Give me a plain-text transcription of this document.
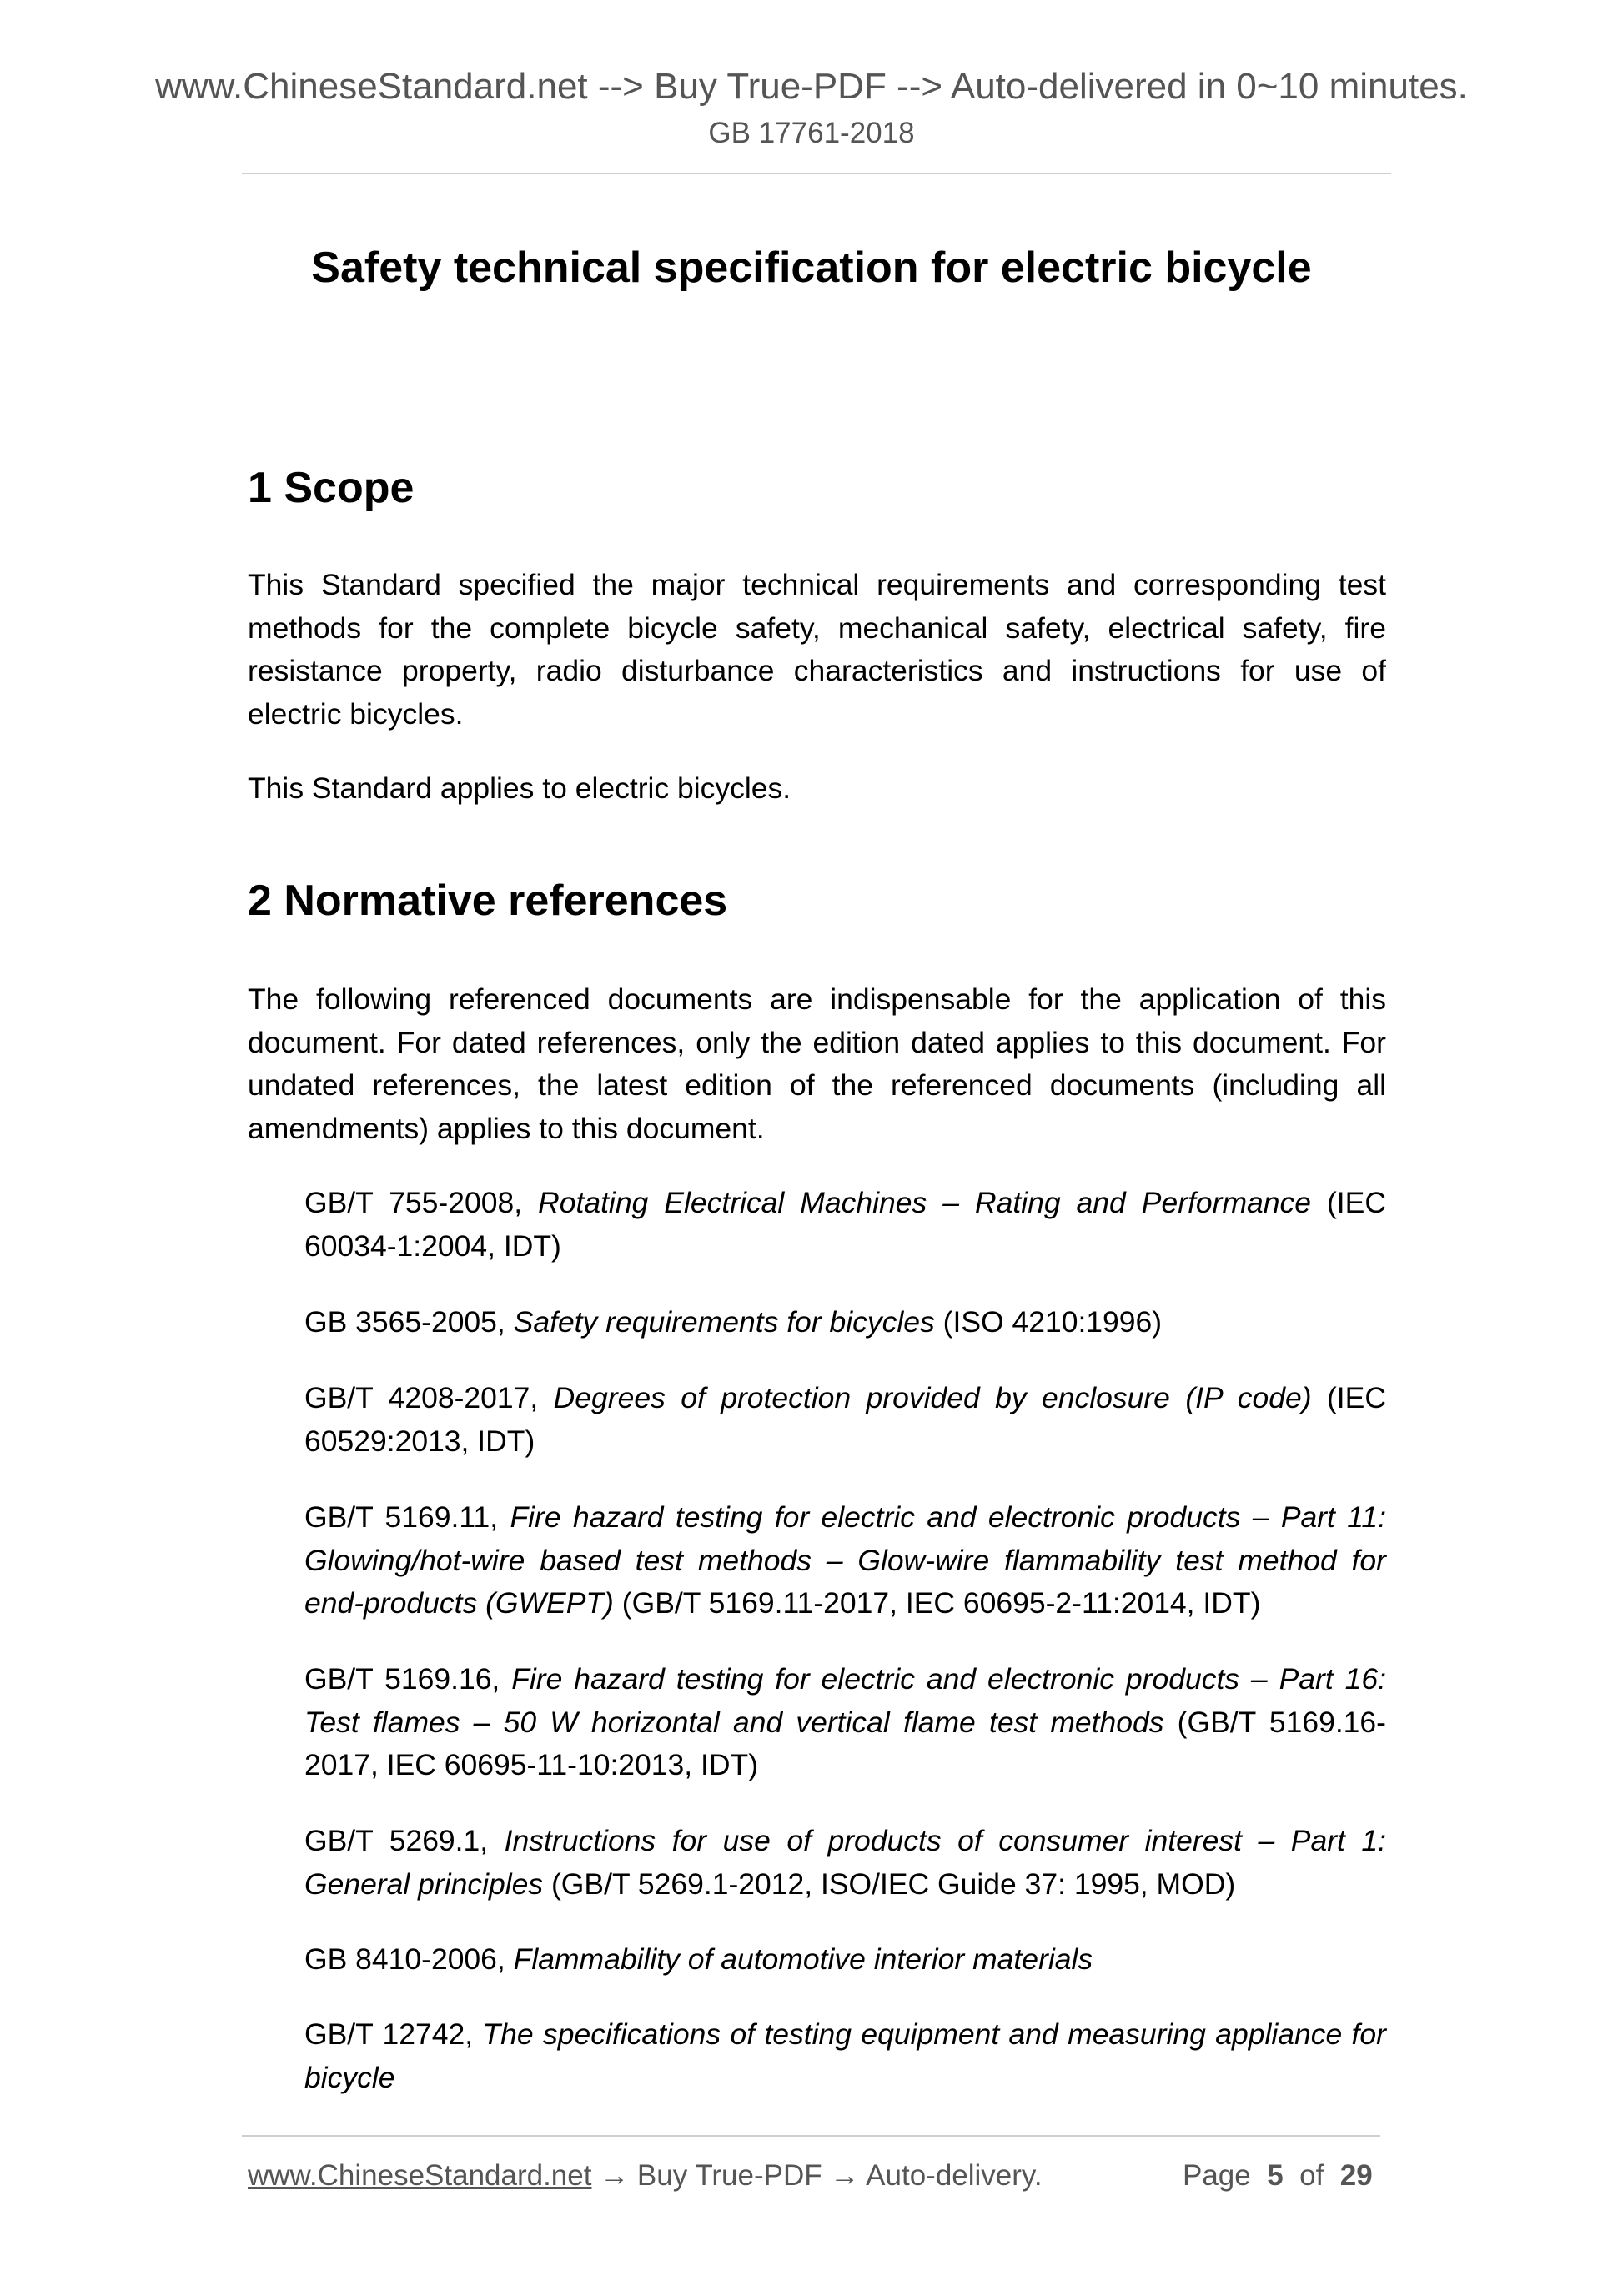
www.ChineseStandard.net --> Buy True-PDF --> Auto-delivered in 0~10 minutes.
GB 17761-2018
Safety technical specification for electric bicycle
1 Scope

This Standard specified the major technical requirements and corresponding test methods for the complete bicycle safety, mechanical safety, electrical safety, fire resistance property, radio disturbance characteristics and instructions for use of electric bicycles.

This Standard applies to electric bicycles.

2 Normative references

The following referenced documents are indispensable for the application of this document. For dated references, only the edition dated applies to this document. For undated references, the latest edition of the referenced documents (including all amendments) applies to this document.

GB/T 755-2008, Rotating Electrical Machines – Rating and Performance (IEC 60034-1:2004, IDT)

GB 3565-2005, Safety requirements for bicycles (ISO 4210:1996)

GB/T 4208-2017, Degrees of protection provided by enclosure (IP code) (IEC 60529:2013, IDT)

GB/T 5169.11, Fire hazard testing for electric and electronic products – Part 11: Glowing/hot-wire based test methods – Glow-wire flammability test method for end-products (GWEPT) (GB/T 5169.11-2017, IEC 60695-2-11:2014, IDT)

GB/T 5169.16, Fire hazard testing for electric and electronic products – Part 16: Test flames – 50 W horizontal and vertical flame test methods (GB/T 5169.16-2017, IEC 60695-11-10:2013, IDT)

GB/T 5269.1, Instructions for use of products of consumer interest – Part 1: General principles (GB/T 5269.1-2012, ISO/IEC Guide 37: 1995, MOD)

GB 8410-2006, Flammability of automotive interior materials

GB/T 12742, The specifications of testing equipment and measuring appliance for bicycle

www.ChineseStandard.net → Buy True-PDF → Auto-delivery.	Page 5 of 29
